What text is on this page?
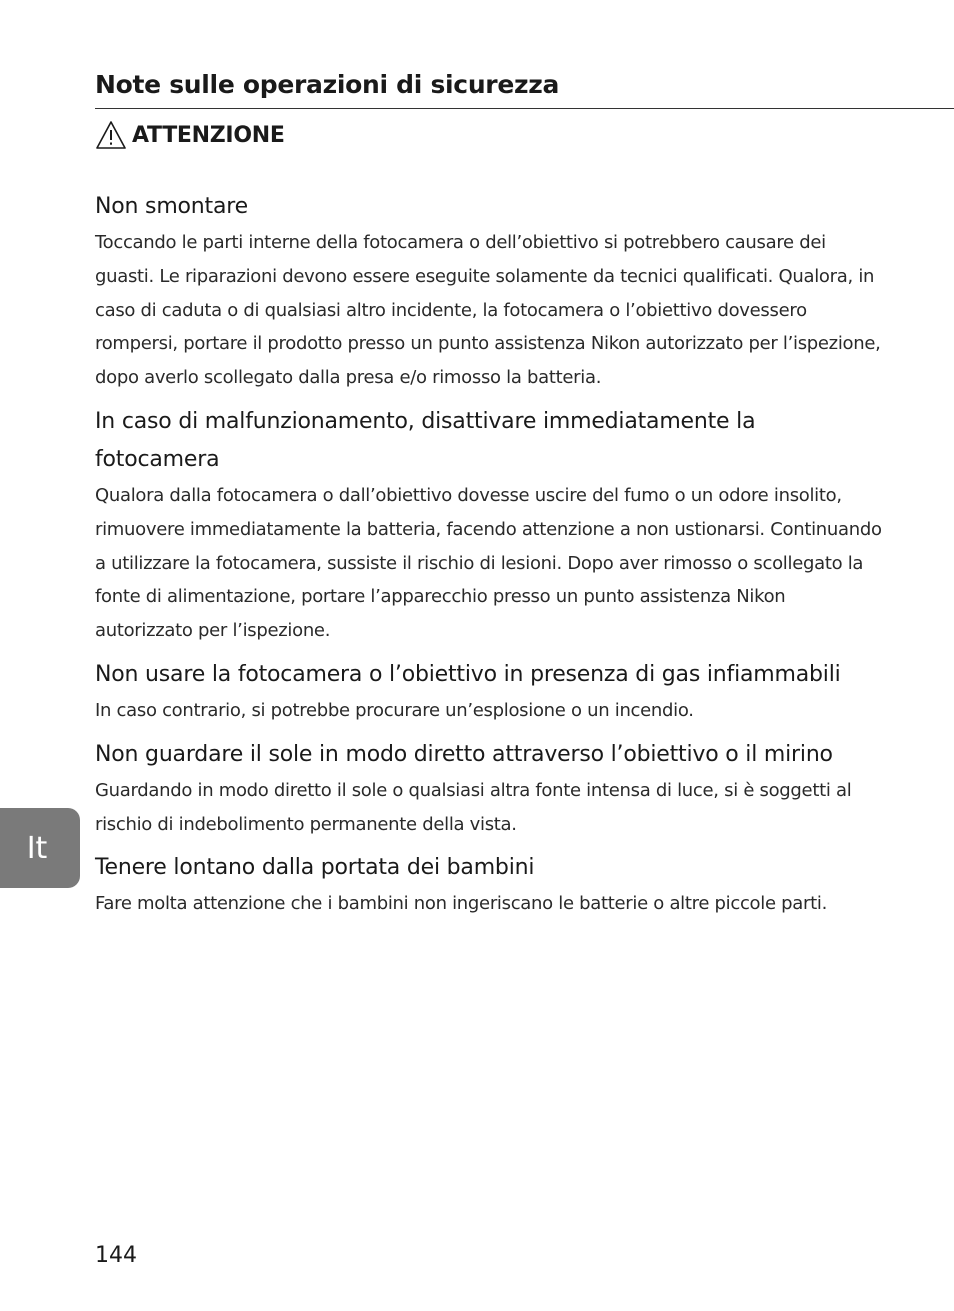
Note sulle operazioni di sicurezza
ATTENZIONE
Non smontare

Toccando le parti interne della fotocamera o dell’obiettivo si potrebbero causare dei guasti. Le riparazioni devono essere eseguite solamente da tecnici qualificati. Qualora, in caso di caduta o di qualsiasi altro incidente, la fotocamera o l’obiettivo dovessero rompersi, portare il prodotto presso un punto assistenza Nikon autorizzato per l’ispezione, dopo averlo scollegato dalla presa e/o rimosso la batteria.

In caso di malfunzionamento, disattivare immediatamente la fotocamera

Qualora dalla fotocamera o dall’obiettivo dovesse uscire del fumo o un odore insolito, rimuovere immediatamente la batteria, facendo attenzione a non ustionarsi. Continuando a utilizzare la fotocamera, sussiste il rischio di lesioni. Dopo aver rimosso o scollegato la fonte di alimentazione, portare l’apparecchio presso un punto assistenza Nikon autorizzato per l’ispezione.

Non usare la fotocamera o l’obiettivo in presenza di gas infiammabili

In caso contrario, si potrebbe procurare un’esplosione o un incendio.

Non guardare il sole in modo diretto attraverso l’obiettivo o il mirino

Guardando in modo diretto il sole o qualsiasi altra fonte intensa di luce, si è soggetti al rischio di indebolimento permanente della vista.

Tenere lontano dalla portata dei bambini

Fare molta attenzione che i bambini non ingeriscano le batterie o altre piccole parti.

It
144
